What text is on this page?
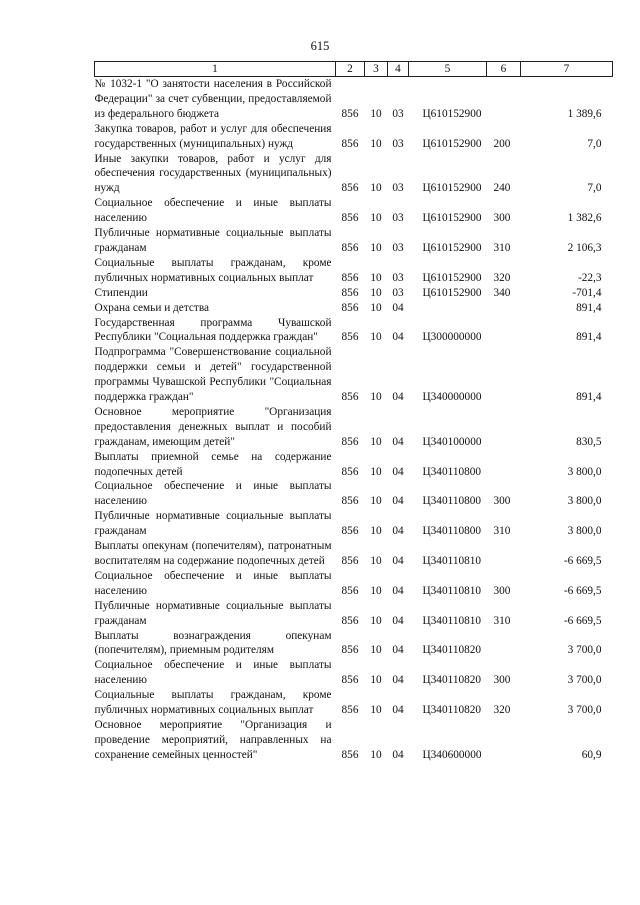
615
1	2	3	4	5	6	7
№ 1032-1 "О занятости населения в Российской Федерации" за счет субвенции, предоставляемой из федерального бюджета	856	10	03	Ц610152900		1 389,6
Закупка товаров, работ и услуг для обеспечения государственных (муниципальных) нужд	856	10	03	Ц610152900	200	7,0
Иные закупки товаров, работ и услуг для обеспечения государственных (муниципальных) нужд	856	10	03	Ц610152900	240	7,0
Социальное обеспечение и иные выплаты населению	856	10	03	Ц610152900	300	1 382,6
Публичные нормативные социальные выплаты гражданам	856	10	03	Ц610152900	310	2 106,3
Социальные выплаты гражданам, кроме публичных нормативных социальных выплат	856	10	03	Ц610152900	320	-22,3
Стипендии	856	10	03	Ц610152900	340	-701,4
Охрана семьи и детства	856	10	04			891,4
Государственная программа Чувашской Республики "Социальная поддержка граждан"	856	10	04	Ц300000000		891,4
Подпрограмма "Совершенствование социальной поддержки семьи и детей" государственной программы Чувашской Республики "Социальная поддержка граждан"	856	10	04	Ц340000000		891,4
Основное мероприятие "Организация предоставления денежных выплат и пособий гражданам, имеющим детей"	856	10	04	Ц340100000		830,5
Выплаты приемной семье на содержание подопечных детей	856	10	04	Ц340110800		3 800,0
Социальное обеспечение и иные выплаты населению	856	10	04	Ц340110800	300	3 800,0
Публичные нормативные социальные выплаты гражданам	856	10	04	Ц340110800	310	3 800,0
Выплаты опекунам (попечителям), патронатным воспитателям на содержание подопечных детей	856	10	04	Ц340110810		-6 669,5
Социальное обеспечение и иные выплаты населению	856	10	04	Ц340110810	300	-6 669,5
Публичные нормативные социальные выплаты гражданам	856	10	04	Ц340110810	310	-6 669,5
Выплаты вознаграждения опекунам (попечителям), приемным родителям	856	10	04	Ц340110820		3 700,0
Социальное обеспечение и иные выплаты населению	856	10	04	Ц340110820	300	3 700,0
Социальные выплаты гражданам, кроме публичных нормативных социальных выплат	856	10	04	Ц340110820	320	3 700,0
Основное мероприятие "Организация и проведение мероприятий, направленных на сохранение семейных ценностей"	856	10	04	Ц340600000		60,9
